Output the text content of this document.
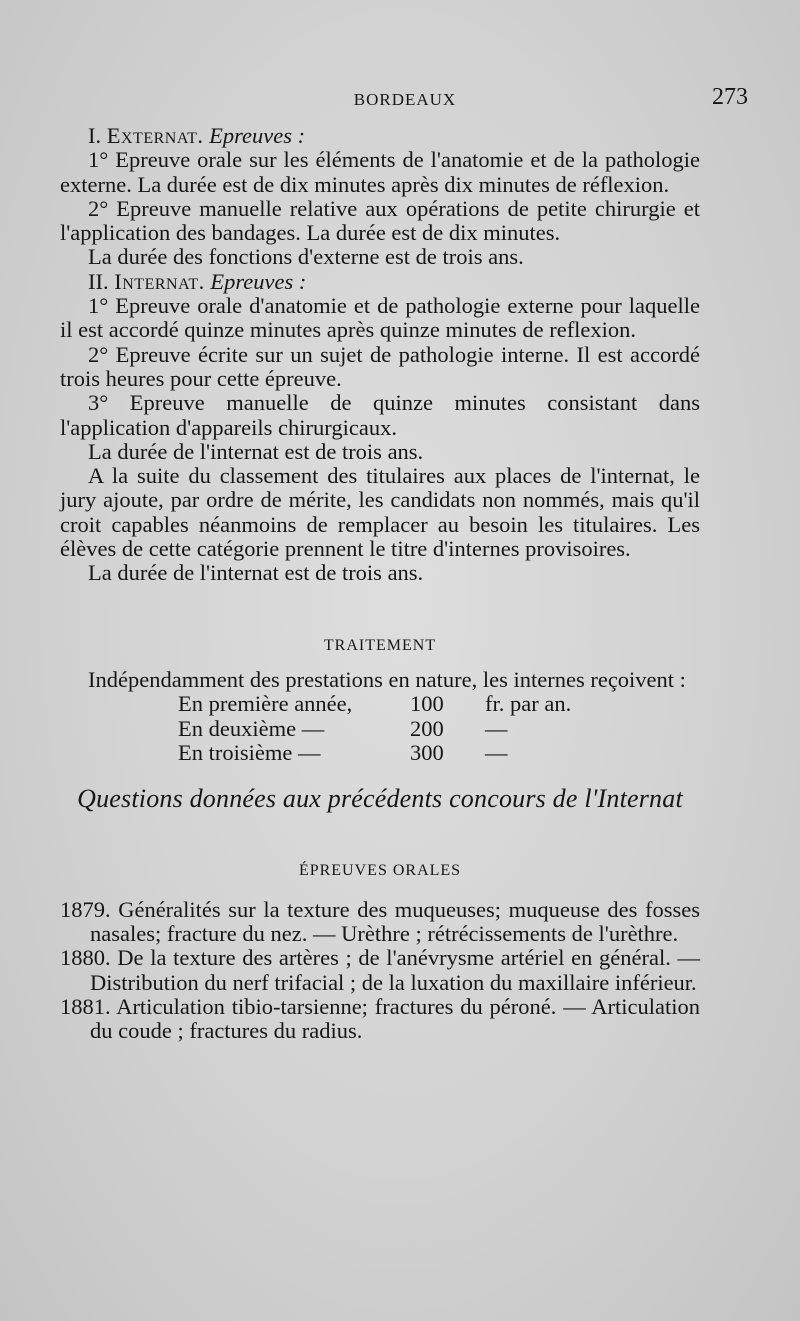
BORDEAUX	273

I. Externat. Epreuves :

1° Epreuve orale sur les éléments de l'anatomie et de la pathologie externe. La durée est de dix minutes après dix minutes de réflexion.

2° Epreuve manuelle relative aux opérations de petite chirurgie et l'application des bandages. La durée est de dix minutes.

La durée des fonctions d'externe est de trois ans.

II. Internat. Epreuves :

1° Epreuve orale d'anatomie et de pathologie externe pour laquelle il est accordé quinze minutes après quinze minutes de reflexion.

2° Epreuve écrite sur un sujet de pathologie interne. Il est accordé trois heures pour cette épreuve.

3° Epreuve manuelle de quinze minutes consistant dans l'application d'appareils chirurgicaux.

La durée de l'internat est de trois ans.

A la suite du classement des titulaires aux places de l'internat, le jury ajoute, par ordre de mérite, les candidats non nommés, mais qu'il croit capables néanmoins de remplacer au besoin les titulaires. Les élèves de cette catégorie prennent le titre d'internes provisoires.

La durée de l'internat est de trois ans.

TRAITEMENT

Indépendamment des prestations en nature, les internes reçoivent :

En première année,	100	fr. par an.
En deuxième —	200	—
En troisième —	300	—

Questions données aux précédents concours de l'Internat

ÉPREUVES ORALES

1879. Généralités sur la texture des muqueuses; muqueuse des fosses nasales; fracture du nez. — Urèthre ; rétrécissements de l'urèthre.

1880. De la texture des artères ; de l'anévrysme artériel en général. — Distribution du nerf trifacial ; de la luxation du maxillaire inférieur.

1881. Articulation tibio-tarsienne; fractures du péroné. — Articulation du coude ; fractures du radius.
